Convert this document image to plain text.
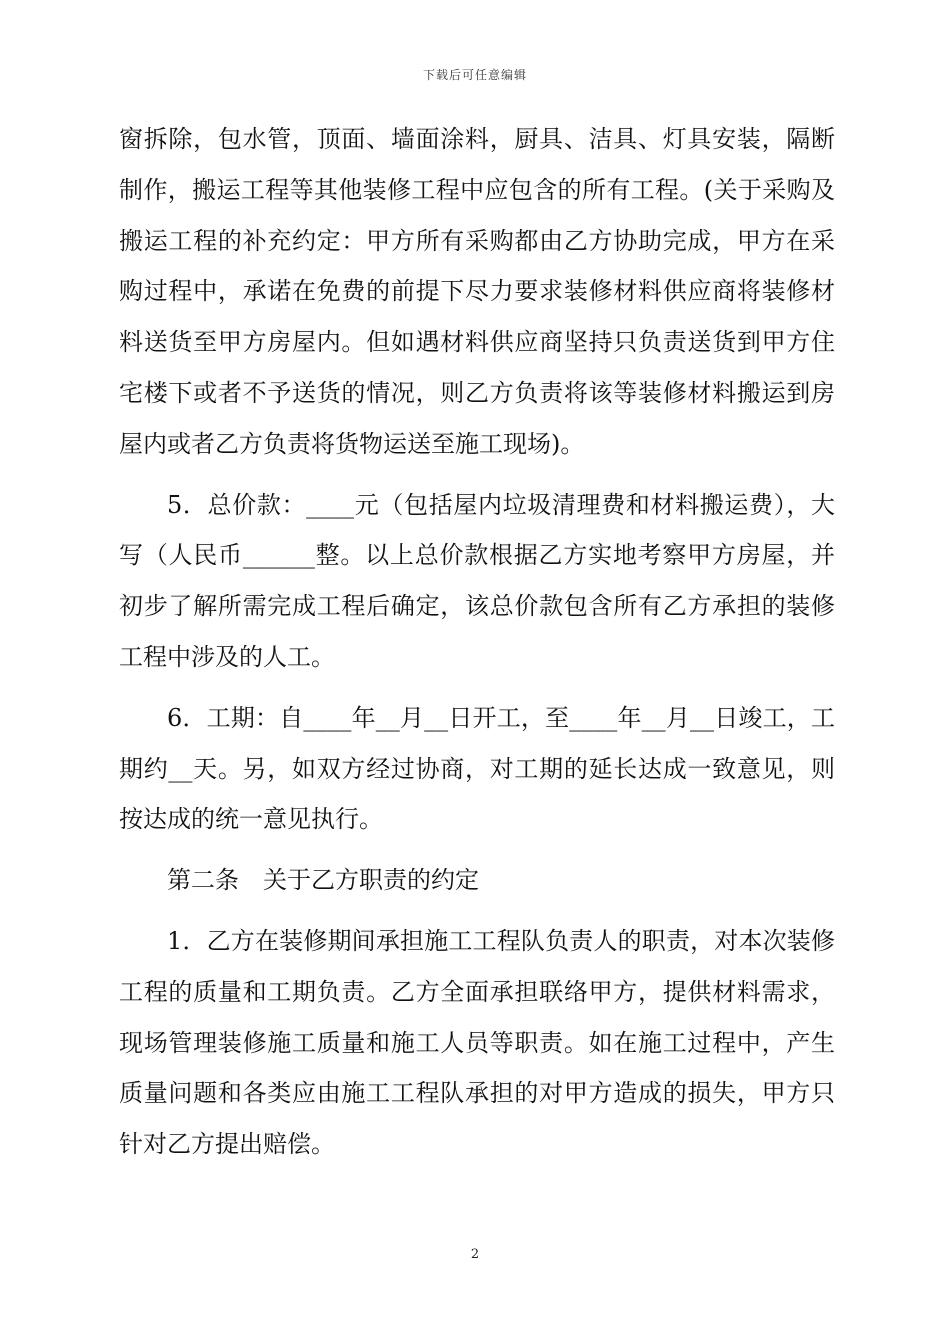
下载后可任意编辑

窗拆除，包水管，顶面、墙面涂料，厨具、洁具、灯具安装，隔断制作，搬运工程等其他装修工程中应包含的所有工程。(关于采购及搬运工程的补充约定：甲方所有采购都由乙方协助完成，甲方在采购过程中，承诺在免费的前提下尽力要求装修材料供应商将装修材料送货至甲方房屋内。但如遇材料供应商坚持只负责送货到甲方住宅楼下或者不予送货的情况，则乙方负责将该等装修材料搬运到房屋内或者乙方负责将货物运送至施工现场)。

5．总价款：____元（包括屋内垃圾清理费和材料搬运费），大写（人民币______整。以上总价款根据乙方实地考察甲方房屋，并初步了解所需完成工程后确定，该总价款包含所有乙方承担的装修工程中涉及的人工。

6．工期：自____年__月__日开工，至____年__月__日竣工，工期约__天。另，如双方经过协商，对工期的延长达成一致意见，则按达成的统一意见执行。

第二条　关于乙方职责的约定

1．乙方在装修期间承担施工工程队负责人的职责，对本次装修工程的质量和工期负责。乙方全面承担联络甲方，提供材料需求，现场管理装修施工质量和施工人员等职责。如在施工过程中，产生质量问题和各类应由施工工程队承担的对甲方造成的损失，甲方只针对乙方提出赔偿。

2
